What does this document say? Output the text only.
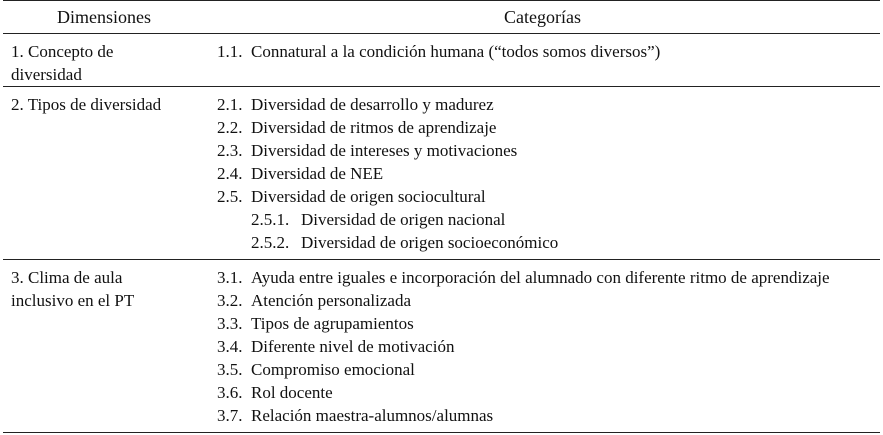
Dimensiones	Categorías
1. Concepto de
diversidad
1.1. Connatural a la condición humana (“todos somos diversos”)
2. Tipos de diversidad	2.1. Diversidad de desarrollo y madurez
2.2. Diversidad de ritmos de aprendizaje
2.3. Diversidad de intereses y motivaciones
2.4. Diversidad de NEE
2.5. Diversidad de origen sociocultural
2.5.1. Diversidad de origen nacional
2.5.2. Diversidad de origen socioeconómico
3. Clima de aula
inclusivo en el PT
3.1. Ayuda entre iguales e incorporación del alumnado con diferente ritmo de aprendizaje
3.2. Atención personalizada
3.3. Tipos de agrupamientos
3.4. Diferente nivel de motivación
3.5. Compromiso emocional
3.6. Rol docente
3.7. Relación maestra-alumnos/alumnas
